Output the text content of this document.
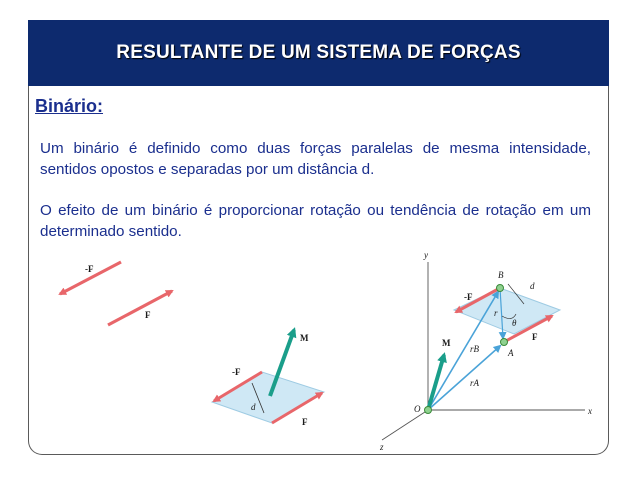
RESULTANTE DE UM SISTEMA DE FORÇAS
Binário:
Um binário é definido como duas forças paralelas de mesma intensidade, sentidos opostos e separadas por um distância d.
O efeito de um binário é proporcionar rotação ou tendência de rotação em um determinado sentido.
-F
F
d
M
-F
F
y
x
z
O
B
A
d
θ
-F
F
M
r
rB
rA
